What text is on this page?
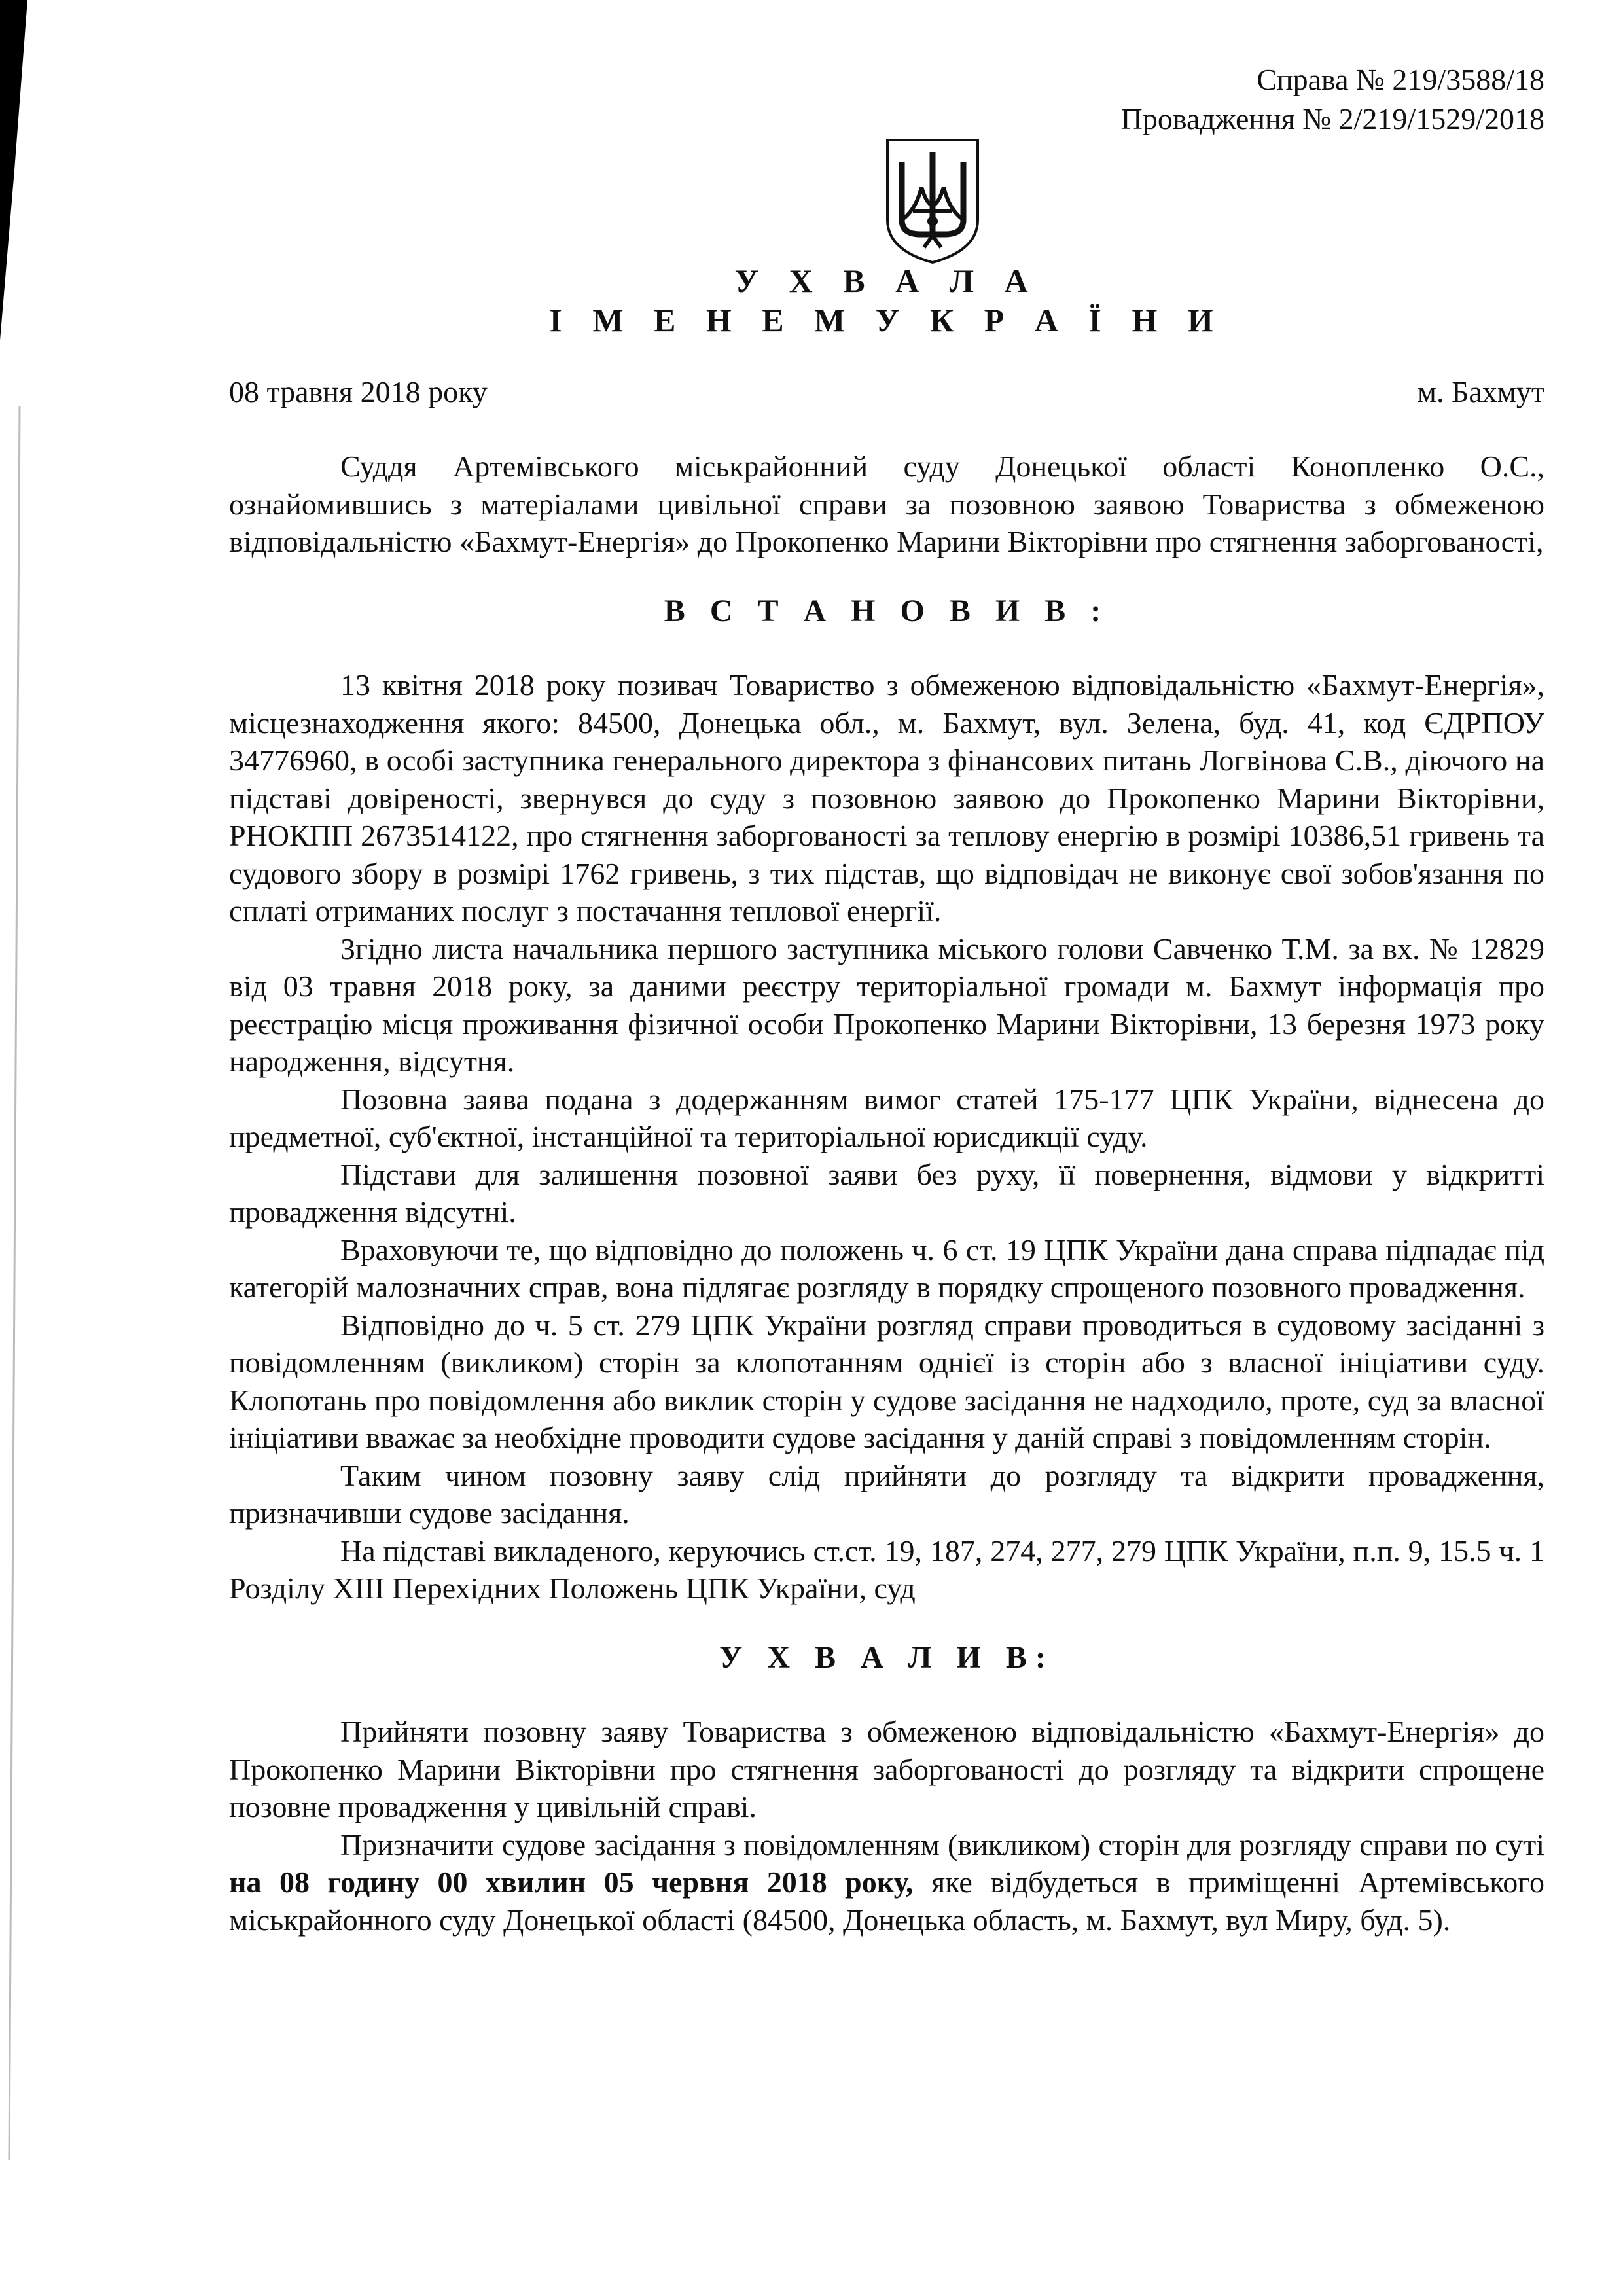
Справа № 219/3588/18
Провадження № 2/219/1529/2018
У Х В А Л А
І М Е Н Е М У К Р А Ї Н И
08 травня 2018 року	м. Бахмут

Суддя Артемівського міськрайонний суду Донецької області Конопленко О.С., ознайомившись з матеріалами цивільної справи за позовною заявою Товариства з обмеженою відповідальністю «Бахмут-Енергія» до Прокопенко Марини Вікторівни про стягнення заборгованості,

В С Т А Н О В И В :

13 квітня 2018 року позивач Товариство з обмеженою відповідальністю «Бахмут-Енергія», місцезнаходження якого: 84500, Донецька обл., м. Бахмут, вул. Зелена, буд. 41, код ЄДРПОУ 34776960, в особі заступника генерального директора з фінансових питань Логвінова С.В., діючого на підставі довіреності, звернувся до суду з позовною заявою до Прокопенко Марини Вікторівни, РНОКПП 2673514122, про стягнення заборгованості за теплову енергію в розмірі 10386,51 гривень та судового збору в розмірі 1762 гривень, з тих підстав, що відповідач не виконує свої зобов'язання по сплаті отриманих послуг з постачання теплової енергії.

Згідно листа начальника першого заступника міського голови Савченко Т.М. за вх. № 12829 від 03 травня 2018 року, за даними реєстру територіальної громади м. Бахмут інформація про реєстрацію місця проживання фізичної особи Прокопенко Марини Вікторівни, 13 березня 1973 року народження, відсутня.

Позовна заява подана з додержанням вимог статей 175-177 ЦПК України, віднесена до предметної, суб'єктної, інстанційної та територіальної юрисдикції суду.

Підстави для залишення позовної заяви без руху, її повернення, відмови у відкритті провадження відсутні.

Враховуючи те, що відповідно до положень ч. 6 ст. 19 ЦПК України дана справа підпадає під категорій малозначних справ, вона підлягає розгляду в порядку спрощеного позовного провадження.

Відповідно до ч. 5 ст. 279 ЦПК України розгляд справи проводиться в судовому засіданні з повідомленням (викликом) сторін за клопотанням однієї із сторін або з власної ініціативи суду. Клопотань про повідомлення або виклик сторін у судове засідання не надходило, проте, суд за власної ініціативи вважає за необхідне проводити судове засідання у даній справі з повідомленням сторін.

Таким чином позовну заяву слід прийняти до розгляду та відкрити провадження, призначивши судове засідання.

На підставі викладеного, керуючись ст.ст. 19, 187, 274, 277, 279 ЦПК України, п.п. 9, 15.5 ч. 1 Розділу XIII Перехідних Положень ЦПК України, суд

У Х В А Л И В:

Прийняти позовну заяву Товариства з обмеженою відповідальністю «Бахмут-Енергія» до Прокопенко Марини Вікторівни про стягнення заборгованості до розгляду та відкрити спрощене позовне провадження у цивільній справі.

Призначити судове засідання з повідомленням (викликом) сторін для розгляду справи по суті на 08 годину 00 хвилин 05 червня 2018 року, яке відбудеться в приміщенні Артемівського міськрайонного суду Донецької області (84500, Донецька область, м. Бахмут, вул Миру, буд. 5).
